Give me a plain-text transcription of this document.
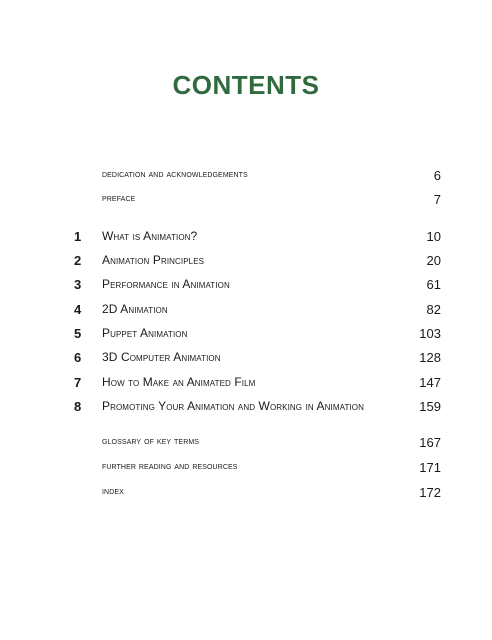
CONTENTS
dedication and acknowledgements	6
preface	7
1 What is Animation?	10
2 Animation Principles	20
3 Performance in Animation	61
4 2D Animation	82
5 Puppet Animation	103
6 3D Computer Animation	128
7 How to Make an Animated Film	147
8 Promoting Your Animation and Working in Animation	159
glossary of key terms	167
further reading and resources	171
index	172
